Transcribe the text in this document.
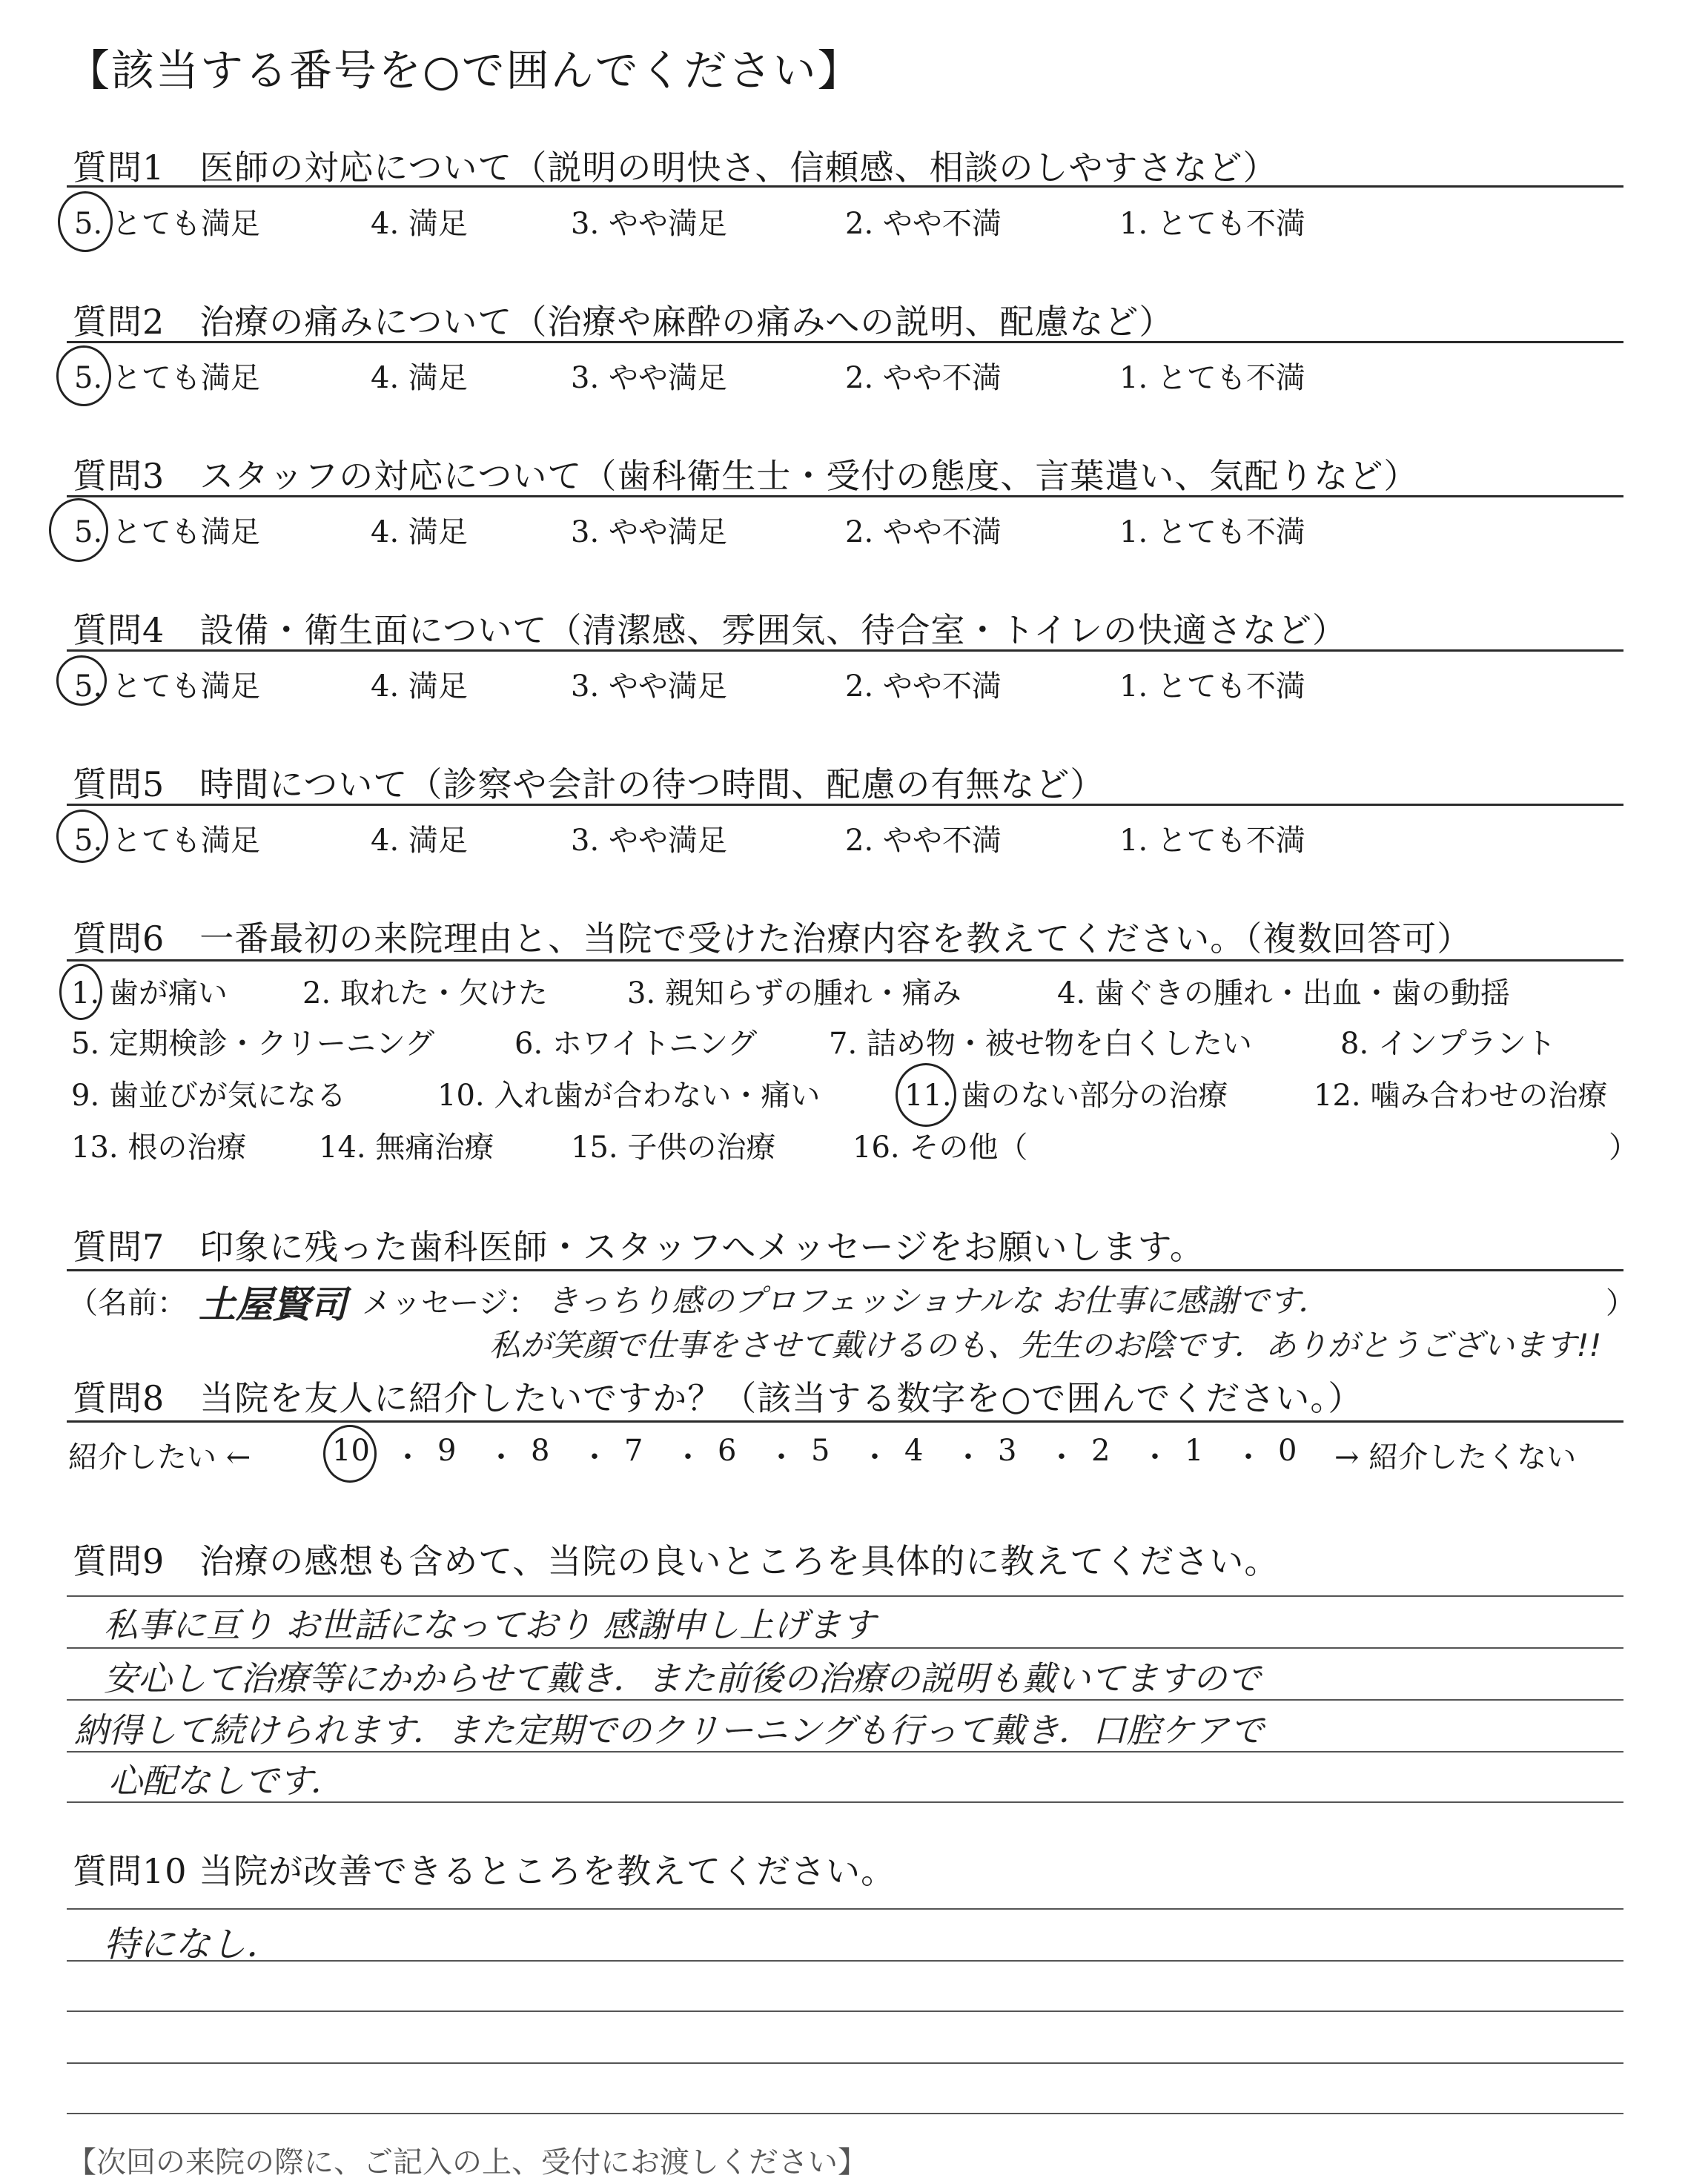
【該当する番号を○で囲んでください】
質問1　医師の対応について（説明の明快さ、信頼感、相談のしやすさなど）
5. とても満足	4. 満足	3. やや満足	2. やや不満	1. とても不満
質問2　治療の痛みについて（治療や麻酔の痛みへの説明、配慮など）
5. とても満足	4. 満足	3. やや満足	2. やや不満	1. とても不満
質問3　スタッフの対応について（歯科衛生士・受付の態度、言葉遣い、気配りなど）
5. とても満足	4. 満足	3. やや満足	2. やや不満	1. とても不満
質問4　設備・衛生面について（清潔感、雰囲気、待合室・トイレの快適さなど）
5. とても満足	4. 満足	3. やや満足	2. やや不満	1. とても不満
質問5　時間について（診察や会計の待つ時間、配慮の有無など）
5. とても満足	4. 満足	3. やや満足	2. やや不満	1. とても不満
質問6　一番最初の来院理由と、当院で受けた治療内容を教えてください。（複数回答可）
1. 歯が痛い	2. 取れた・欠けた	3. 親知らずの腫れ・痛み	4. 歯ぐきの腫れ・出血・歯の動揺
5. 定期検診・クリーニング	6. ホワイトニング 7. 詰め物・被せ物を白くしたい	8. インプラント
9. 歯並びが気になる	10. 入れ歯が合わない・痛い	11. 歯のない部分の治療	12. 噛み合わせの治療
13. 根の治療 14. 無痛治療	15. 子供の治療	16. その他（	）
質問7　印象に残った歯科医師・スタッフへメッセージをお願いします。
（名前： 土屋賢司 メッセージ： きっちり感のプロフェッショナルな お仕事に感謝です．
私が笑顔で仕事をさせて戴けるのも、先生のお陰です．ありがとうございます!!
）
質問8　当院を友人に紹介したいですか？（該当する数字を○で囲んでください。）
紹介したい ←	10 ・ 9 ・ 8 ・ 7 ・ 6 ・ 5 ・ 4 ・ 3 ・ 2 ・ 1 ・ 0 → 紹介したくない
質問9　治療の感想も含めて、当院の良いところを具体的に教えてください。
私事に亘り お世話になっており 感謝申し上げます
安心して治療等にかからせて戴き．また前後の治療の説明も戴いてますので
納得して続けられます．また定期でのクリーニングも行って戴き．口腔ケアで
心配なしです．
質問10 当院が改善できるところを教えてください。
特になし．
【次回の来院の際に、ご記入の上、受付にお渡しください】
